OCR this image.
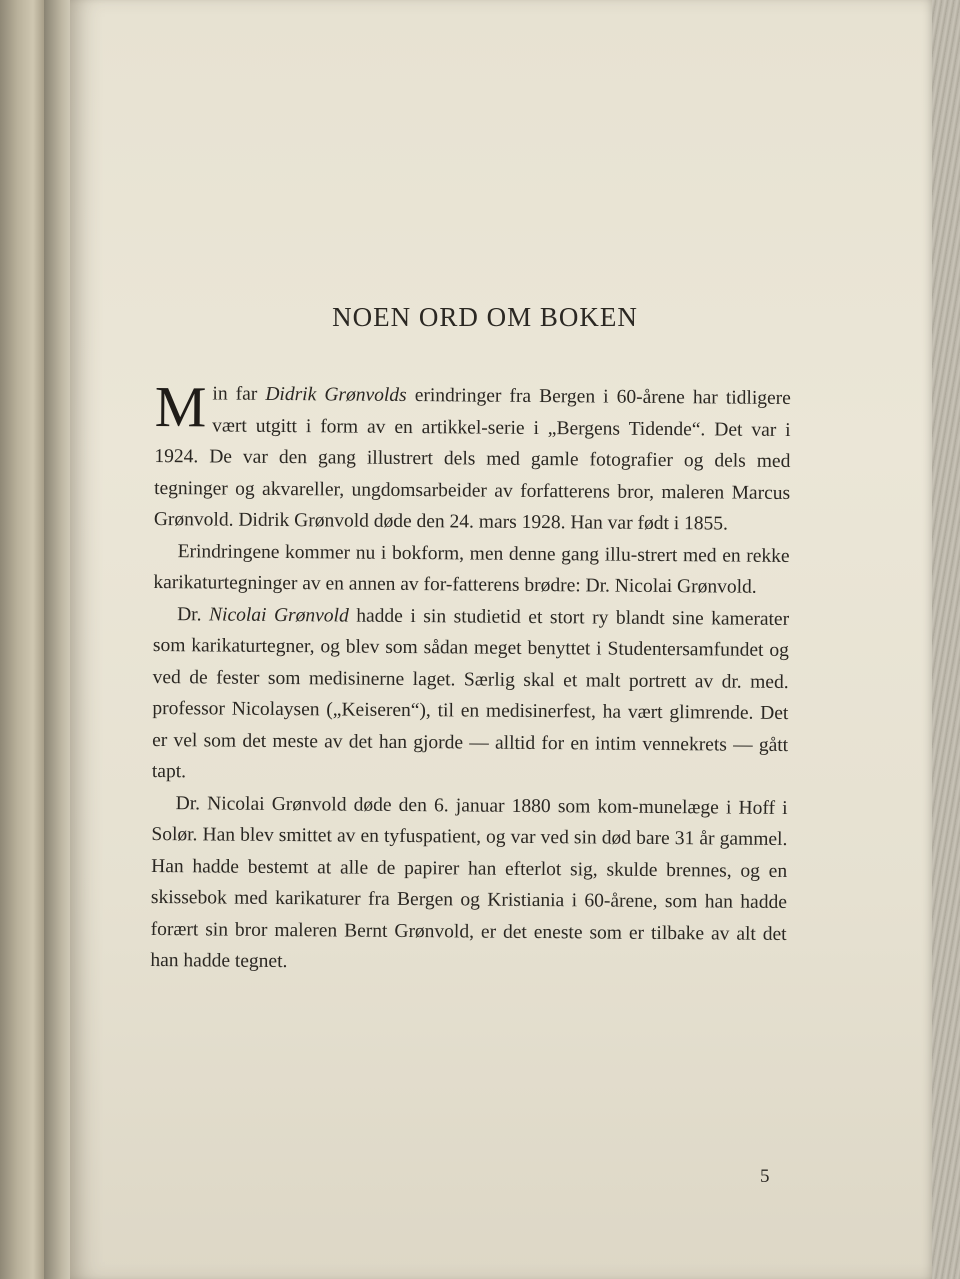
NOEN ORD OM BOKEN

Min far Didrik Grønvolds erindringer fra Bergen i 60-årene har tidligere vært utgitt i form av en artikkel-serie i „Bergens Tidende“. Det var i 1924. De var den gang illustrert dels med gamle fotografier og dels med tegninger og akvareller, ungdomsarbeider av forfatterens bror, maleren Marcus Grønvold. Didrik Grønvold døde den 24. mars 1928. Han var født i 1855.

Erindringene kommer nu i bokform, men denne gang illu-strert med en rekke karikaturtegninger av en annen av for-fatterens brødre: Dr. Nicolai Grønvold.

Dr. Nicolai Grønvold hadde i sin studietid et stort ry blandt sine kamerater som karikaturtegner, og blev som sådan meget benyttet i Studentersamfundet og ved de fester som medisinerne laget. Særlig skal et malt portrett av dr. med. professor Nicolaysen („Keiseren“), til en medisinerfest, ha vært glimrende. Det er vel som det meste av det han gjorde — alltid for en intim vennekrets — gått tapt.

Dr. Nicolai Grønvold døde den 6. januar 1880 som kom-munelæge i Hoff i Solør. Han blev smittet av en tyfuspatient, og var ved sin død bare 31 år gammel. Han hadde bestemt at alle de papirer han efterlot sig, skulde brennes, og en skissebok med karikaturer fra Bergen og Kristiania i 60-årene, som han hadde forært sin bror maleren Bernt Grønvold, er det eneste som er tilbake av alt det han hadde tegnet.

5
